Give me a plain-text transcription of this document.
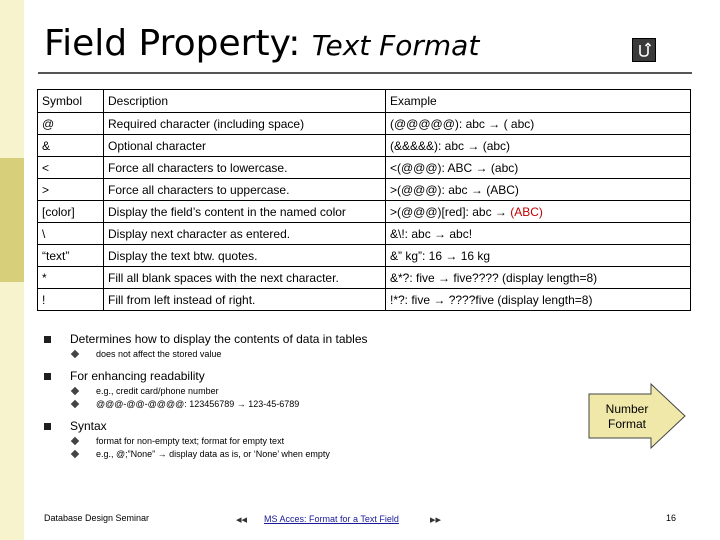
Field Property: Text Format
Symbol	Description	Example
@	Required character (including space)	(@@@@@): abc → ( abc)
&	Optional character	(&&&&&): abc → (abc)
<	Force all characters to lowercase.	<(@@@): ABC → (abc)
>	Force all characters to uppercase.	>(@@@): abc → (ABC)
[color]	Display the field’s content in the named color	>(@@@)[red]: abc → (ABC)
\	Display next character as entered.	&\!: abc → abc!
“text”	Display the text btw. quotes.	&” kg”: 16 → 16 kg
*	Fill all blank spaces with the next character.	&*?: five → five???? (display length=8)
!	Fill from left instead of right.	!*?: five → ????five (display length=8)
Determines how to display the contents of data in tables
does not affect the stored value
For enhancing readability
e.g., credit card/phone number
@@@-@@-@@@@: 123456789 → 123-45-6789
Syntax
format for non-empty text; format for empty text
e.g., @;”None” → display data as is, or ‘None’ when empty
Number
Format
Database Design Seminar	◂◂ MS Acces: Format for a Text Field	▸▸	16
